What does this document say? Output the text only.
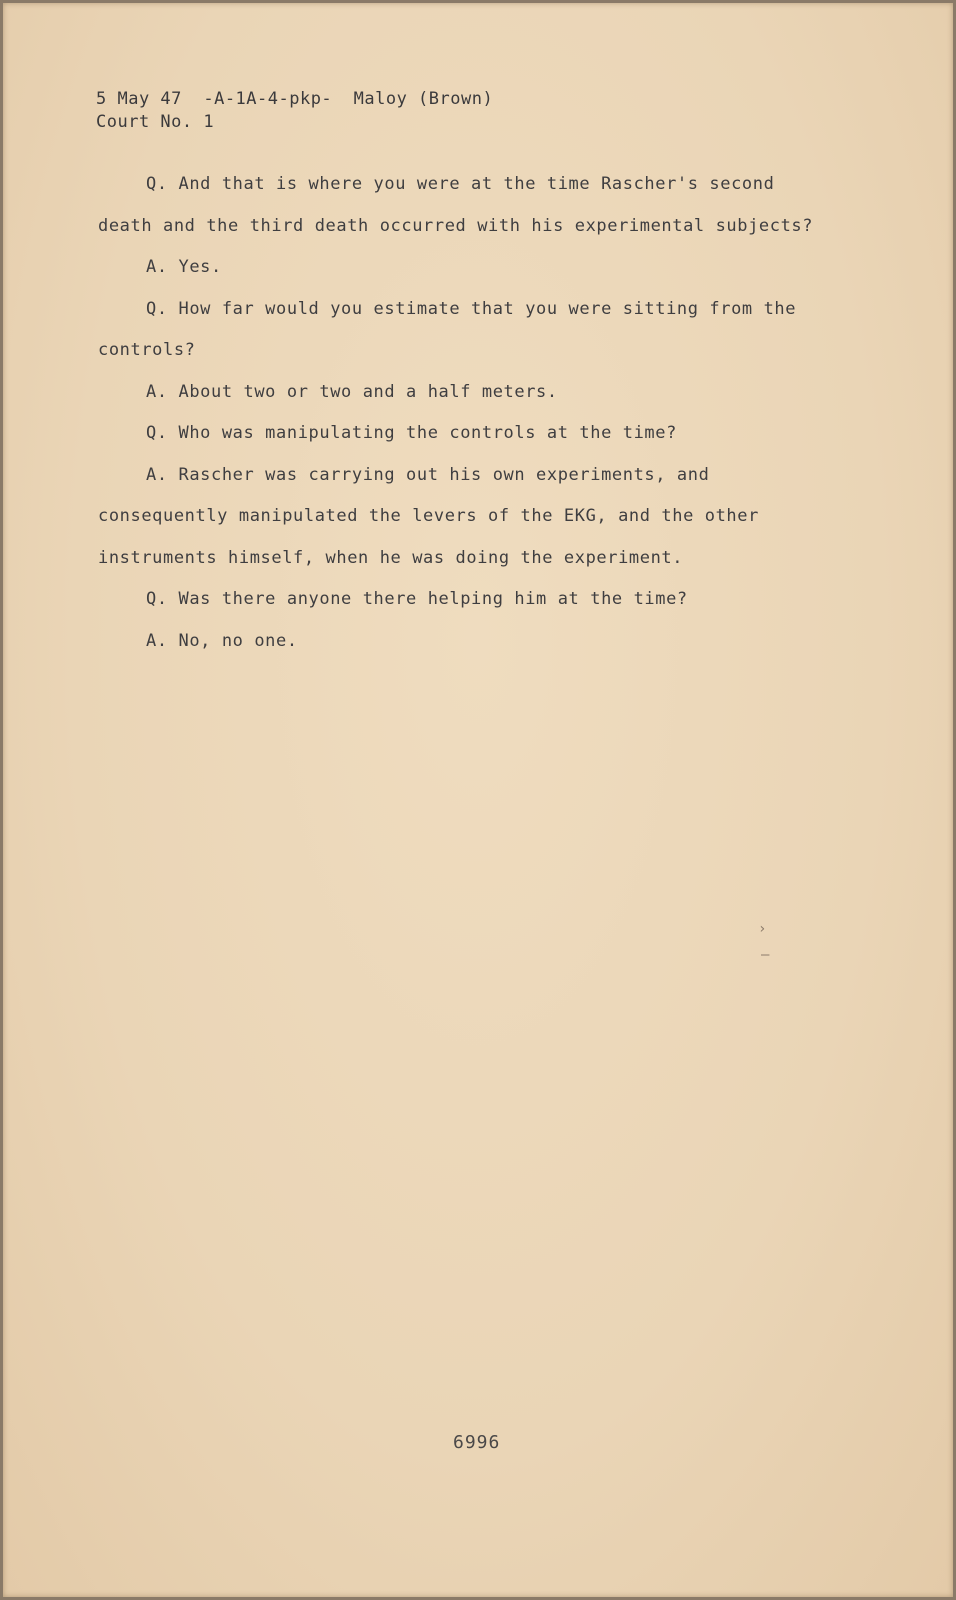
5 May 47  -A-1A-4-pkp-  Maloy (Brown)
Court No. 1

Q. And that is where you were at the time Rascher's second death and the third death occurred with his experimental subjects?

A. Yes.

Q. How far would you estimate that you were sitting from the controls?

A. About two or two and a half meters.

Q. Who was manipulating the controls at the time?

A. Rascher was carrying out his own experiments, and consequently manipulated the levers of the EKG, and the other instruments himself, when he was doing the experiment.

Q. Was there anyone there helping him at the time?

A. No, no one.

6996
›
–
